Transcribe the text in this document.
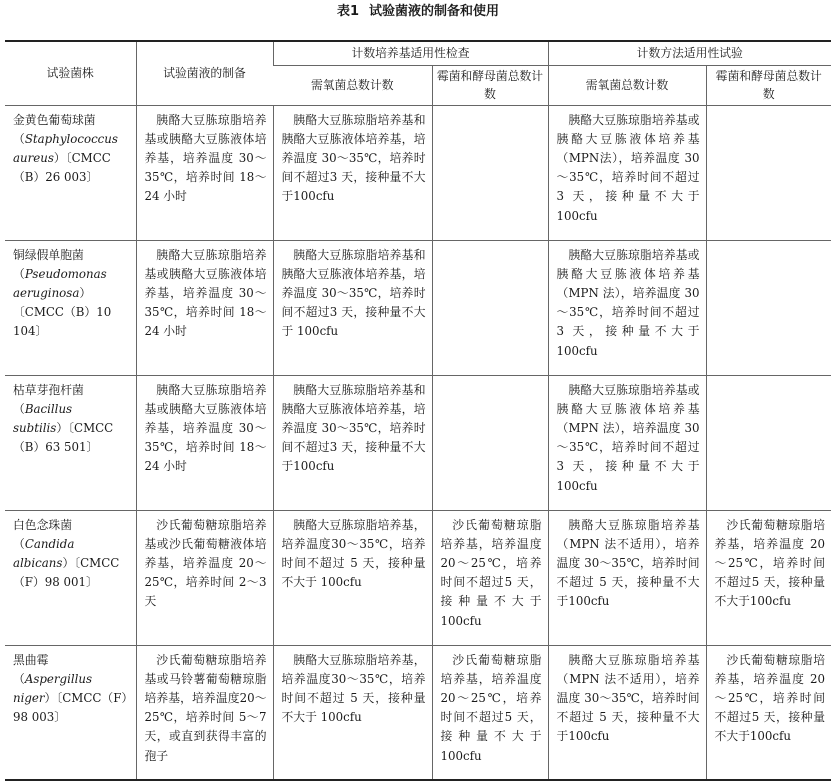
表1 试验菌液的制备和使用
试验菌株	试验菌液的制备	计数培养基适用性检查		计数方法适用性试验	
		需氧菌总数计数	霉菌和酵母菌总数计数	需氧菌总数计数	霉菌和酵母菌总数计数

金黄色葡萄球菌
（Staphylococcus aureus）〔CMCC（B）26 003〕	胰酪大豆胨琼脂培养基或胰酪大豆胨液体培养基，培养温度 30～35℃，培养时间 18～24 小时	胰酪大豆胨琼脂培养基和胰酪大豆胨液体培养基，培养温度 30～35℃，培养时间不超过3 天，接种量不大于100cfu		胰酪大豆胨琼脂培养基或胰酪大豆胨液体培养基（MPN法），培养温度 30～35℃，培养时间不超过 3 天，接种量不大于100cfu	

铜绿假单胞菌
（Pseudomonas aeruginosa）〔CMCC（B）10 104〕	胰酪大豆胨琼脂培养基或胰酪大豆胨液体培养基，培养温度 30～35℃，培养时间 18～24 小时	胰酪大豆胨琼脂培养基和胰酪大豆胨液体培养基，培养温度 30～35℃，培养时间不超过3 天，接种量不大于 100cfu		胰酪大豆胨琼脂培养基或胰酪大豆胨液体培养基（MPN 法），培养温度 30～35℃，培养时间不超过 3 天，接种量不大于100cfu	

枯草芽孢杆菌
（Bacillus subtilis）〔CMCC（B）63 501〕	胰酪大豆胨琼脂培养基或胰酪大豆胨液体培养基，培养温度 30～35℃，培养时间 18～24 小时	胰酪大豆胨琼脂培养基和胰酪大豆胨液体培养基，培养温度 30～35℃，培养时间不超过3 天，接种量不大于100cfu		胰酪大豆胨琼脂培养基或胰酪大豆胨液体培养基（MPN 法），培养温度 30～35℃，培养时间不超过 3 天，接种量不大于100cfu	

白色念珠菌
（Candida albicans）〔CMCC（F）98 001〕	沙氏葡萄糖琼脂培养基或沙氏葡萄糖液体培养基，培养温度 20～25℃，培养时间 2～3 天	胰酪大豆胨琼脂培养基，培养温度30～35℃，培养时间不超过 5 天，接种量不大于 100cfu	沙氏葡萄糖琼脂培养基，培养温度 20～25℃，培养时间不超过5 天，接种量不大于100cfu	胰酪大豆胨琼脂培养基（MPN 法不适用），培养温度 30～35℃，培养时间不超过 5 天，接种量不大于100cfu	沙氏葡萄糖琼脂培养基，培养温度 20～25℃，培养时间不超过5 天，接种量不大于100cfu

黑曲霉
（Aspergillus niger）〔CMCC（F）98 003〕	沙氏葡萄糖琼脂培养基或马铃薯葡萄糖琼脂培养基，培养温度20～25℃，培养时间 5～7 天，或直到获得丰富的孢子	胰酪大豆胨琼脂培养基，培养温度30～35℃，培养时间不超过 5 天，接种量不大于 100cfu	沙氏葡萄糖琼脂培养基，培养温度 20～25℃，培养时间不超过5 天，接种量不大于100cfu	胰酪大豆胨琼脂培养基（MPN 法不适用），培养温度 30～35℃，培养时间不超过 5 天，接种量不大于100cfu	沙氏葡萄糖琼脂培养基，培养温度 20～25℃，培养时间不超过5 天，接种量不大于100cfu
